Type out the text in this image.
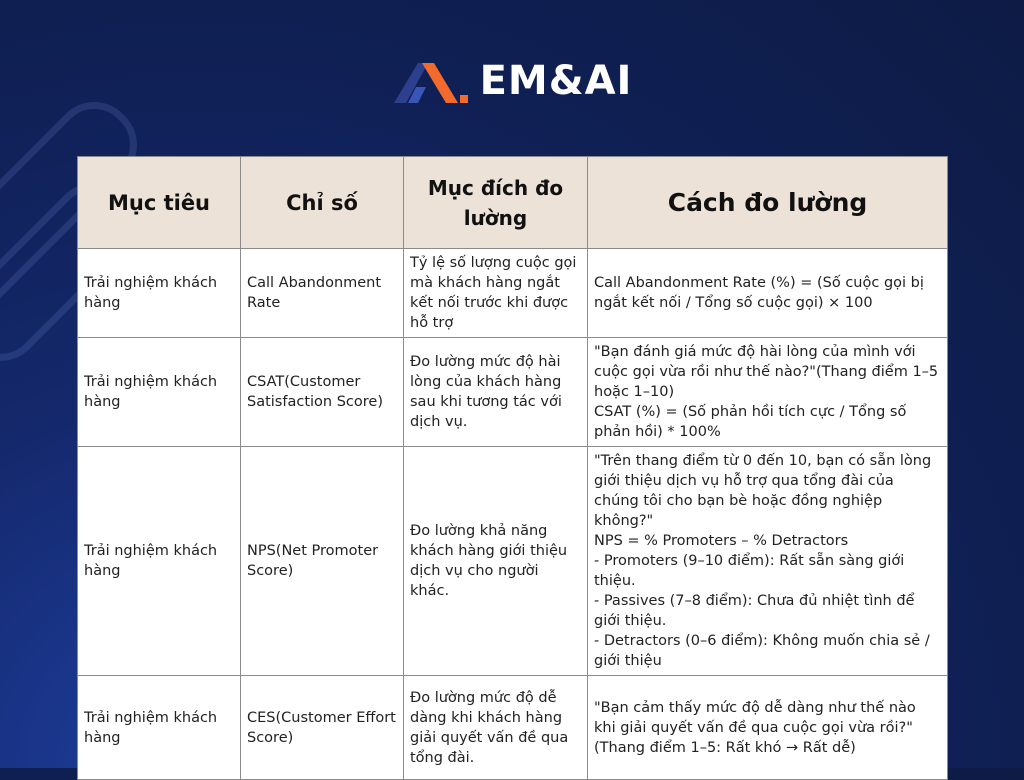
EM&AI
Mục tiêu	Chỉ số	Mục đích đo lường	Cách đo lường
Trải nghiệm khách hàng	Call Abandonment Rate	Tỷ lệ số lượng cuộc gọi mà khách hàng ngắt kết nối trước khi được hỗ trợ	Call Abandonment Rate (%) = (Số cuộc gọi bị ngắt kết nối / Tổng số cuộc gọi) × 100
Trải nghiệm khách hàng	CSAT(Customer Satisfaction Score)	Đo lường mức độ hài lòng của khách hàng sau khi tương tác với dịch vụ.	"Bạn đánh giá mức độ hài lòng của mình với cuộc gọi vừa rồi như thế nào?"(Thang điểm 1–5 hoặc 1–10)
CSAT (%) = (Số phản hồi tích cực / Tổng số phản hồi) * 100%
Trải nghiệm khách hàng	NPS(Net Promoter Score)	Đo lường khả năng khách hàng giới thiệu dịch vụ cho người khác.	"Trên thang điểm từ 0 đến 10, bạn có sẵn lòng giới thiệu dịch vụ hỗ trợ qua tổng đài của chúng tôi cho bạn bè hoặc đồng nghiệp không?"
NPS = % Promoters – % Detractors
- Promoters (9–10 điểm): Rất sẵn sàng giới thiệu.
- Passives (7–8 điểm): Chưa đủ nhiệt tình để giới thiệu.
- Detractors (0–6 điểm): Không muốn chia sẻ / giới thiệu
Trải nghiệm khách hàng	CES(Customer Effort Score)	Đo lường mức độ dễ dàng khi khách hàng giải quyết vấn đề qua tổng đài.	"Bạn cảm thấy mức độ dễ dàng như thế nào khi giải quyết vấn đề qua cuộc gọi vừa rồi?"(Thang điểm 1–5: Rất khó → Rất dễ)
